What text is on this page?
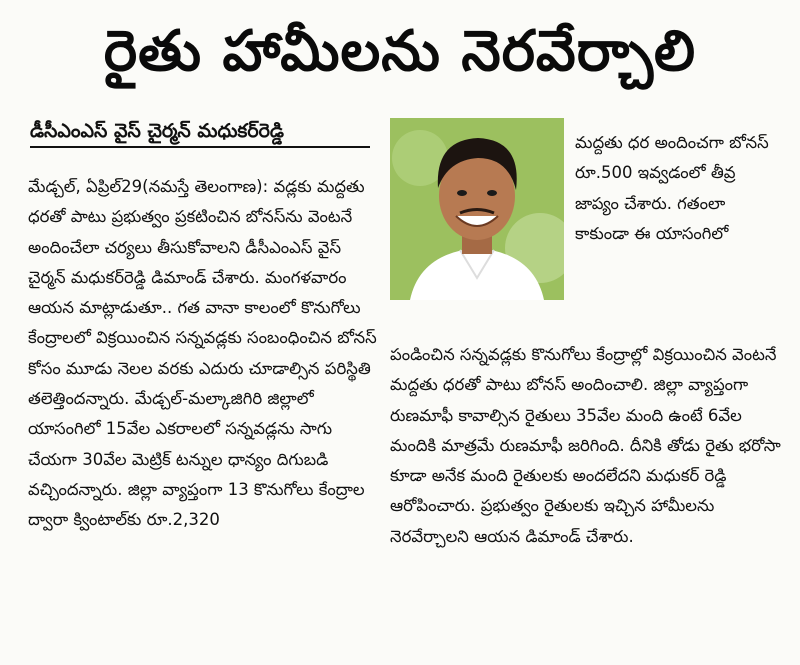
రైతు హామీలను నెరవేర్చాలి
డీసీఎంఎస్ వైస్ చైర్మన్ మధుకర్‌రెడ్డి

మేడ్చల్, ఏప్రిల్29(నమస్తే తెలంగాణ): వడ్లకు మద్దతు ధరతో పాటు ప్రభుత్వం ప్రకటించిన బోనస్‌ను వెంటనే అందించేలా చర్యలు తీసుకోవాలని డీసీఎంఎస్ వైస్ చైర్మన్ మధుకర్‌రెడ్డి డిమాండ్ చేశారు. మంగళవారం ఆయన మాట్లాడుతూ.. గత వానా కాలంలో కొనుగోలు కేంద్రాలలో విక్రయించిన సన్నవడ్లకు సంబంధించిన బోనస్ కోసం మూడు నెలల వరకు ఎదురు చూడాల్సిన పరిస్థితి తలెత్తిందన్నారు. మేడ్చల్-మల్కాజిగిరి జిల్లాలో యాసంగిలో 15వేల ఎకరాలలో సన్నవడ్లను సాగు చేయగా 30వేల మెట్రిక్ టన్నుల ధాన్యం దిగుబడి వచ్చిందన్నారు. జిల్లా వ్యాప్తంగా 13 కొనుగోలు కేంద్రాల ద్వారా క్వింటాల్‌కు రూ.2,320

మద్దతు ధర అందించగా బోనస్ రూ.500 ఇవ్వడంలో తీవ్ర జాప్యం చేశారు. గతంలా కాకుండా ఈ యాసంగిలో

పండించిన సన్నవడ్లకు కొనుగోలు కేంద్రాల్లో విక్రయించిన వెంటనే మద్దతు ధరతో పాటు బోనస్ అందించాలి. జిల్లా వ్యాప్తంగా రుణమాఫీ కావాల్సిన రైతులు 35వేల మంది ఉంటే 6వేల మందికి మాత్రమే రుణమాఫీ జరిగింది. దీనికి తోడు రైతు భరోసా కూడా అనేక మంది రైతులకు అందలేదని మధుకర్ రెడ్డి ఆరోపించారు. ప్రభుత్వం రైతులకు ఇచ్చిన హామీలను నెరవేర్చాలని ఆయన డిమాండ్ చేశారు.
